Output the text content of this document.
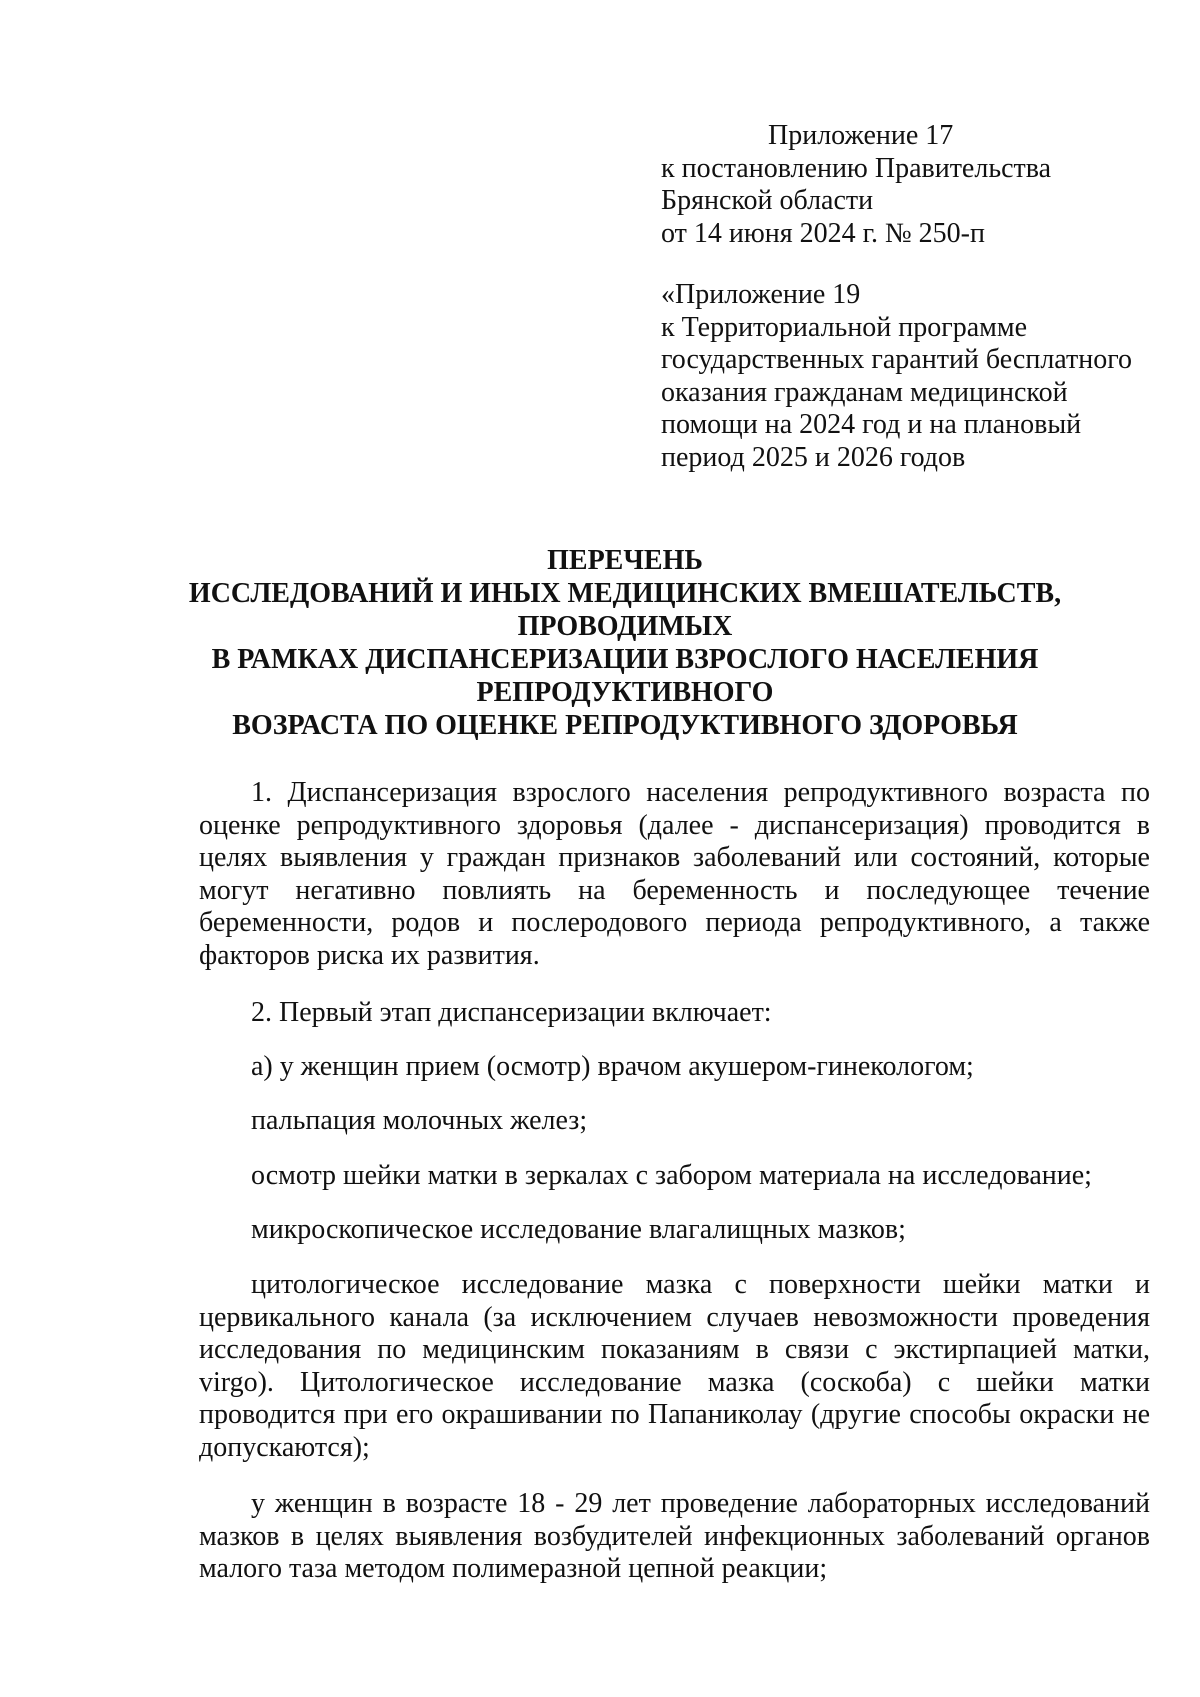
Приложение 17
к постановлению Правительства
Брянской области
от 14 июня 2024 г. № 250-п
«Приложение 19
к Территориальной программе
государственных гарантий бесплатного
оказания гражданам медицинской
помощи на 2024 год и на плановый
период 2025 и 2026 годов
ПЕРЕЧЕНЬ
ИССЛЕДОВАНИЙ И ИНЫХ МЕДИЦИНСКИХ ВМЕШАТЕЛЬСТВ,
ПРОВОДИМЫХ
В РАМКАХ ДИСПАНСЕРИЗАЦИИ ВЗРОСЛОГО НАСЕЛЕНИЯ
РЕПРОДУКТИВНОГО
ВОЗРАСТА ПО ОЦЕНКЕ РЕПРОДУКТИВНОГО ЗДОРОВЬЯ

1. Диспансеризация взрослого населения репродуктивного возраста по оценке репродуктивного здоровья (далее - диспансеризация) проводится в целях выявления у граждан признаков заболеваний или состояний, которые могут негативно повлиять на беременность и последующее течение беременности, родов и послеродового периода репродуктивного, а также факторов риска их развития.

2. Первый этап диспансеризации включает:

а) у женщин прием (осмотр) врачом акушером-гинекологом;

пальпация молочных желез;

осмотр шейки матки в зеркалах с забором материала на исследование;

микроскопическое исследование влагалищных мазков;

цитологическое исследование мазка с поверхности шейки матки и цервикального канала (за исключением случаев невозможности проведения исследования по медицинским показаниям в связи с экстирпацией матки, virgo). Цитологическое исследование мазка (соскоба) с шейки матки проводится при его окрашивании по Папаниколау (другие способы окраски не допускаются);

у женщин в возрасте 18 - 29 лет проведение лабораторных исследований мазков в целях выявления возбудителей инфекционных заболеваний органов малого таза методом полимеразной цепной реакции;
